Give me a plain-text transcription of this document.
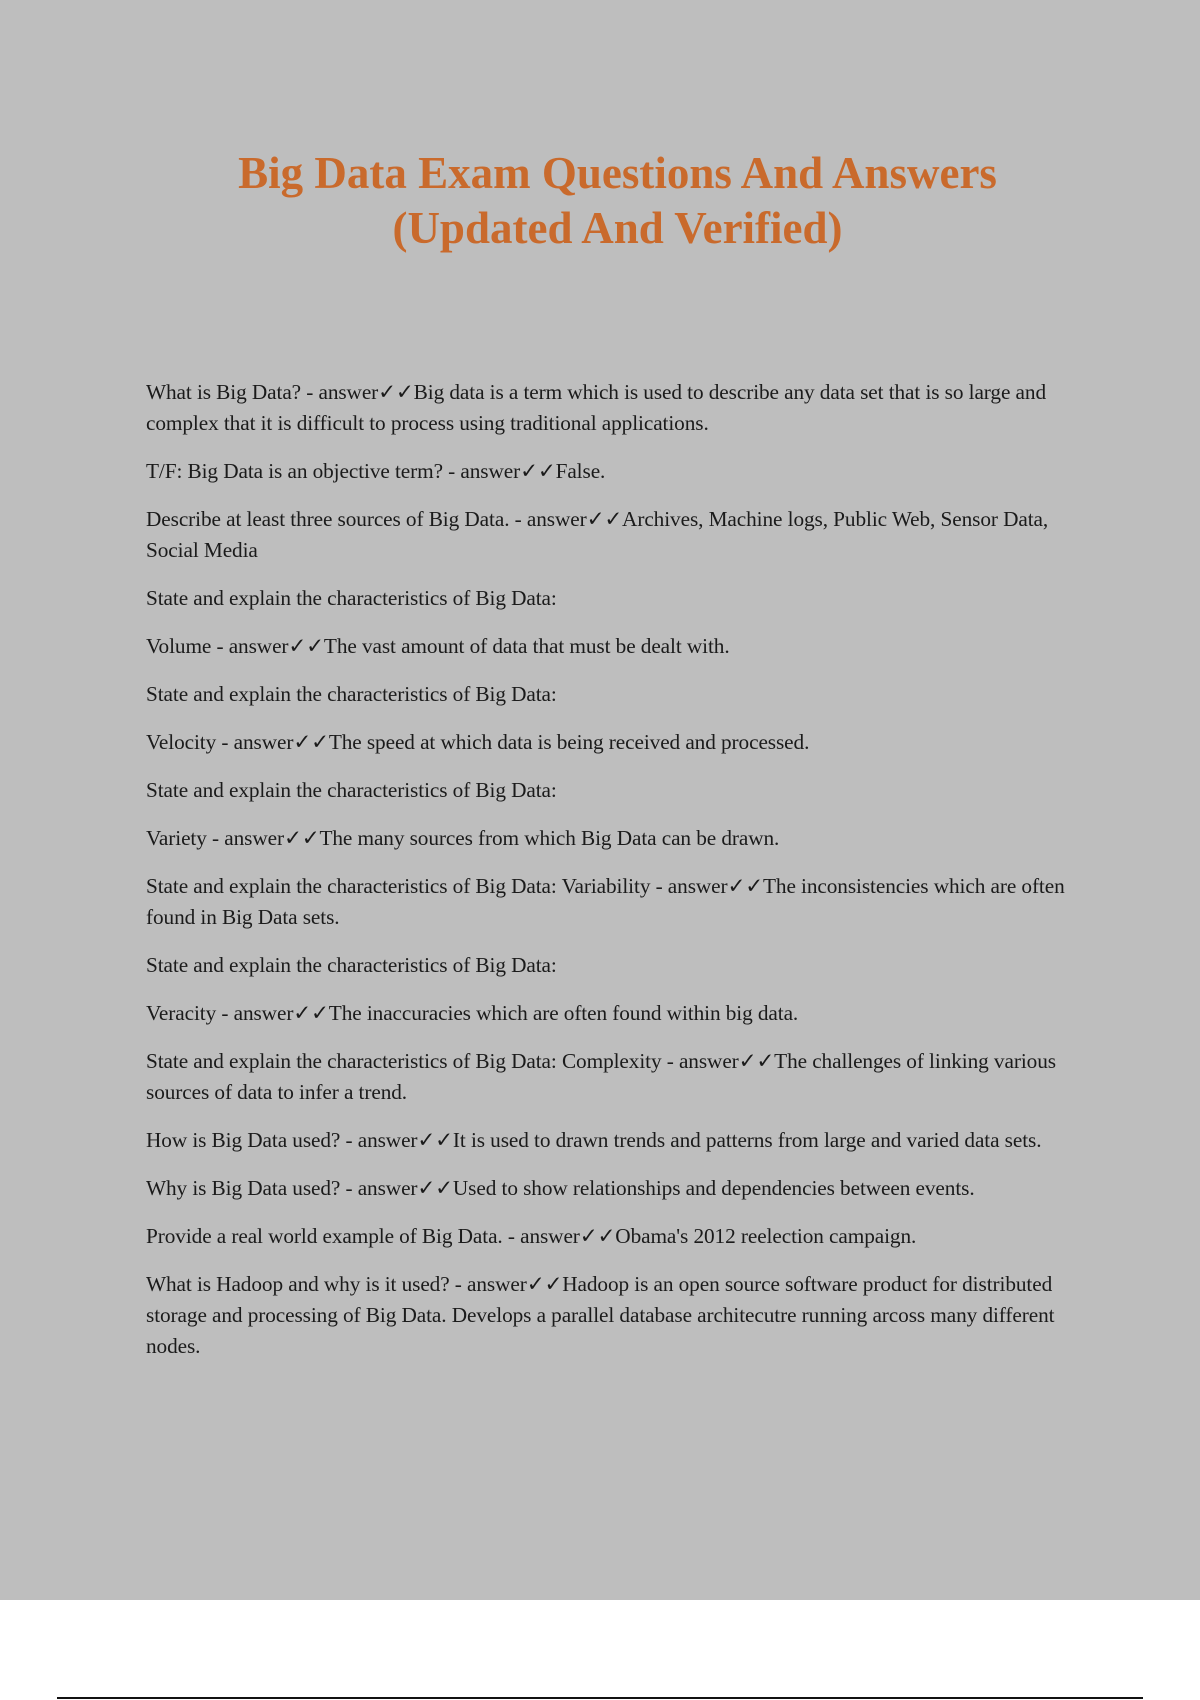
Big Data Exam Questions And Answers
(Updated And Verified)
What is Big Data? - answer✓✓Big data is a term which is used to describe any data set that is so large and complex that it is difficult to process using traditional applications.
T/F: Big Data is an objective term? - answer✓✓False.
Describe at least three sources of Big Data. - answer✓✓Archives, Machine logs, Public Web, Sensor Data, Social Media
State and explain the characteristics of Big Data:
Volume - answer✓✓The vast amount of data that must be dealt with.
State and explain the characteristics of Big Data:
Velocity - answer✓✓The speed at which data is being received and processed.
State and explain the characteristics of Big Data:
Variety - answer✓✓The many sources from which Big Data can be drawn.
State and explain the characteristics of Big Data: Variability - answer✓✓The inconsistencies which are often found in Big Data sets.
State and explain the characteristics of Big Data:
Veracity - answer✓✓The inaccuracies which are often found within big data.
State and explain the characteristics of Big Data: Complexity - answer✓✓The challenges of linking various sources of data to infer a trend.
How is Big Data used? - answer✓✓It is used to drawn trends and patterns from large and varied data sets.
Why is Big Data used? - answer✓✓Used to show relationships and dependencies between events.
Provide a real world example of Big Data. - answer✓✓Obama's 2012 reelection campaign.
What is Hadoop and why is it used? - answer✓✓Hadoop is an open source software product for distributed storage and processing of Big Data. Develops a parallel database architecutre running arcoss many different nodes.
